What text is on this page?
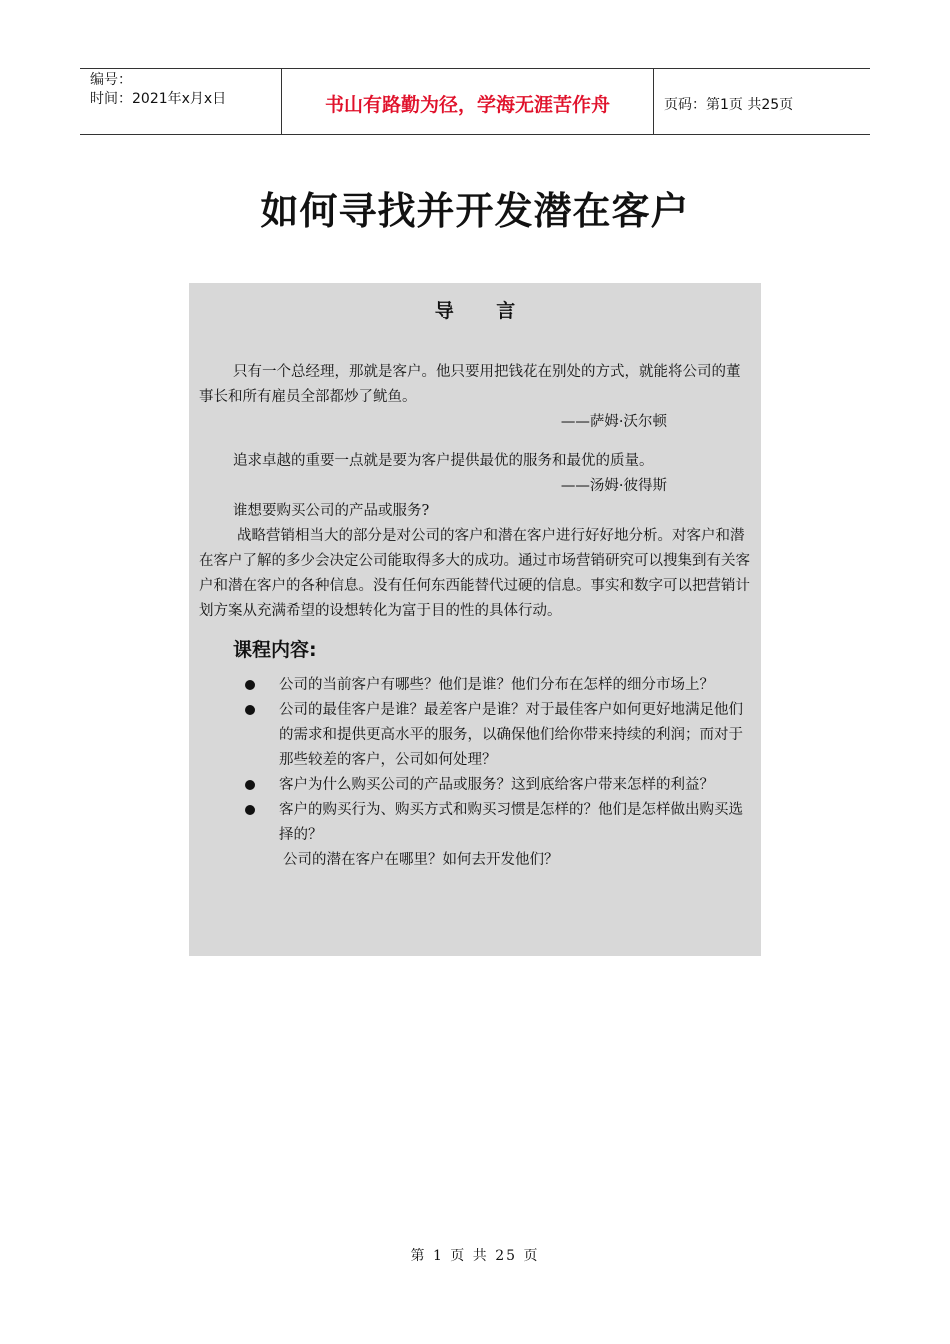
编号：
时间：2021年x月x日	书山有路勤为径，学海无涯苦作舟	页码：第1页 共25页
如何寻找并开发潜在客户
导 言

只有一个总经理，那就是客户。他只要用把钱花在别处的方式，就能将公司的董事长和所有雇员全部都炒了鱿鱼。

——萨姆·沃尔顿

追求卓越的重要一点就是要为客户提供最优的服务和最优的质量。

——汤姆·彼得斯

谁想要购买公司的产品或服务?

战略营销相当大的部分是对公司的客户和潜在客户进行好好地分析。对客户和潜在客户了解的多少会决定公司能取得多大的成功。通过市场营销研究可以搜集到有关客户和潜在客户的各种信息。没有任何东西能替代过硬的信息。事实和数字可以把营销计划方案从充满希望的设想转化为富于目的性的具体行动。

课程内容:
公司的当前客户有哪些？他们是谁？他们分布在怎样的细分市场上？
公司的最佳客户是谁？最差客户是谁？对于最佳客户如何更好地满足他们的需求和提供更高水平的服务，以确保他们给你带来持续的利润；而对于那些较差的客户，公司如何处理？
客户为什么购买公司的产品或服务？这到底给客户带来怎样的利益？
客户的购买行为、购买方式和购买习惯是怎样的？他们是怎样做出购买选择的？

公司的潜在客户在哪里？如何去开发他们？

第 1 页 共 25 页
